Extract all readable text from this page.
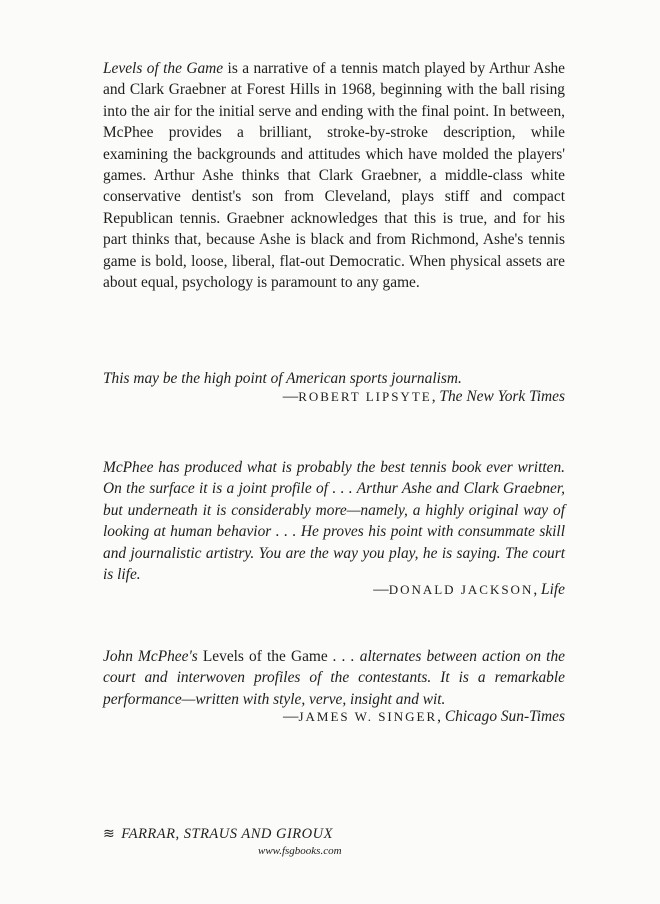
Levels of the Game is a narrative of a tennis match played by Arthur Ashe and Clark Graebner at Forest Hills in 1968, beginning with the ball rising into the air for the initial serve and ending with the final point. In between, McPhee provides a brilliant, stroke-by-stroke description, while examining the backgrounds and attitudes which have molded the players' games. Arthur Ashe thinks that Clark Graebner, a middle-class white conservative dentist's son from Cleveland, plays stiff and compact Republican tennis. Graebner acknowledges that this is true, and for his part thinks that, because Ashe is black and from Richmond, Ashe's tennis game is bold, loose, liberal, flat-out Democratic. When physical assets are about equal, psychology is paramount to any game.

This may be the high point of American sports journalism.

—ROBERT LIPSYTE, The New York Times

McPhee has produced what is probably the best tennis book ever written. On the surface it is a joint profile of . . . Arthur Ashe and Clark Graebner, but underneath it is considerably more—namely, a highly original way of looking at human behavior . . . He proves his point with consummate skill and journalistic artistry. You are the way you play, he is saying. The court is life.

—DONALD JACKSON, Life

John McPhee's Levels of the Game . . . alternates between action on the court and interwoven profiles of the contestants. It is a remarkable performance—written with style, verve, insight and wit.

—JAMES W. SINGER, Chicago Sun-Times

≋ FARRAR, STRAUS AND GIROUX
www.fsgbooks.com
